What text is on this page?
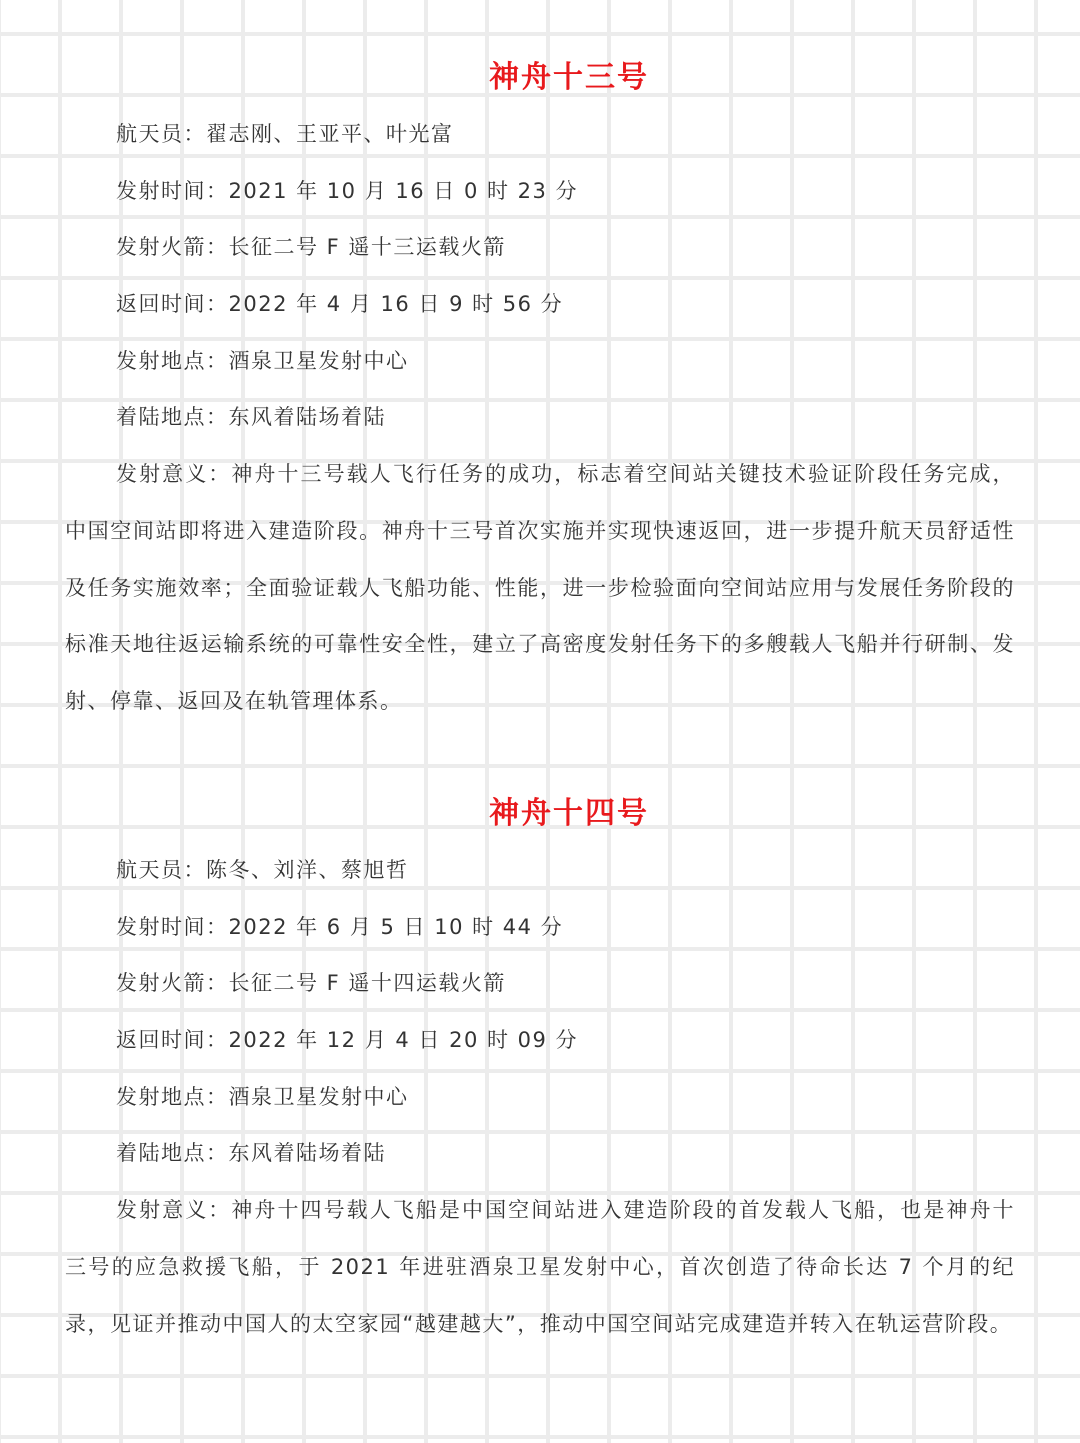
神舟十三号
航天员：翟志刚、王亚平、叶光富
发射时间：2021 年 10 月 16 日 0 时 23 分
发射火箭：长征二号 F 遥十三运载火箭
返回时间：2022 年 4 月 16 日 9 时 56 分
发射地点：酒泉卫星发射中心
着陆地点：东风着陆场着陆

发射意义：神舟十三号载人飞行任务的成功，标志着空间站关键技术验证阶段任务完成，中国空间站即将进入建造阶段。神舟十三号首次实施并实现快速返回，进一步提升航天员舒适性及任务实施效率；全面验证载人飞船功能、性能，进一步检验面向空间站应用与发展任务阶段的标准天地往返运输系统的可靠性安全性，建立了高密度发射任务下的多艘载人飞船并行研制、发射、停靠、返回及在轨管理体系。

神舟十四号
航天员：陈冬、刘洋、蔡旭哲
发射时间：2022 年 6 月 5 日 10 时 44 分
发射火箭：长征二号 F 遥十四运载火箭
返回时间：2022 年 12 月 4 日 20 时 09 分
发射地点：酒泉卫星发射中心
着陆地点：东风着陆场着陆

发射意义：神舟十四号载人飞船是中国空间站进入建造阶段的首发载人飞船，也是神舟十三号的应急救援飞船，于 2021 年进驻酒泉卫星发射中心，首次创造了待命长达 7 个月的纪录，见证并推动中国人的太空家园“越建越大”，推动中国空间站完成建造并转入在轨运营阶段。
